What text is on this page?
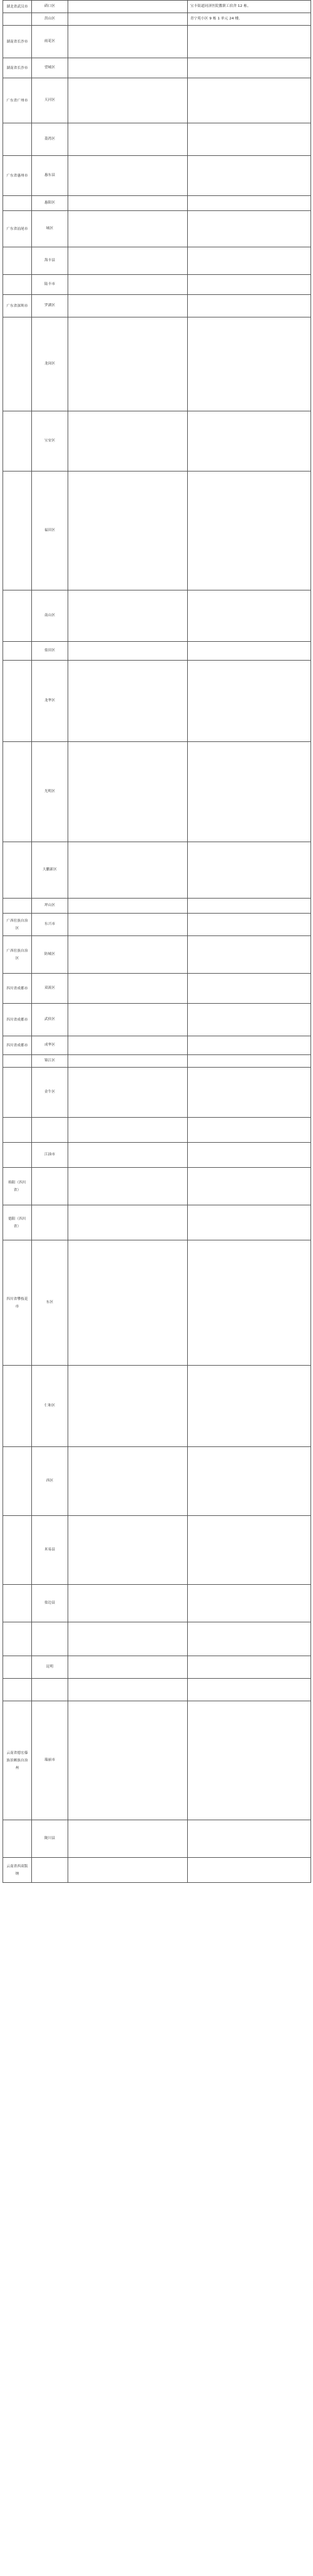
湖北省武汉市	硚口区		宝丰街道同济医院教职工宿舍 12 栋。
	洪山区		青宁苑小区 9 栋 1 单元 24 楼。
湖南省长沙市	雨花区		
湖南省长沙市	望城区		
广东省广州市	天河区		
	荔湾区		
广东省惠州市	惠东县		
	惠阳区		
广东省汕尾市	城区		
	海丰县		
	陆丰市		
广东省深圳市	罗湖区		
	龙岗区		
	宝安区		
	福田区		
	南山区		
	盐田区		
	龙华区		
	光明区		
	大鹏新区		
	坪山区		
广西壮族自治区	东兴市		
广西壮族自治区	防城区		
四川省成都市	双流区		
四川省成都市	武侯区		
四川省成都市	成华区		
	锦江区		
	金牛区		

	江油市		
绵阳（四川省）			
德阳（四川省）			
四川省攀枝花市	东区		
	仁和区		
	西区		
	米易县		
	盐边县		

	昆明		

云南省德宏傣族景颇族自治州	瑞丽市		
	陇川县		
云南省西双版纳			
